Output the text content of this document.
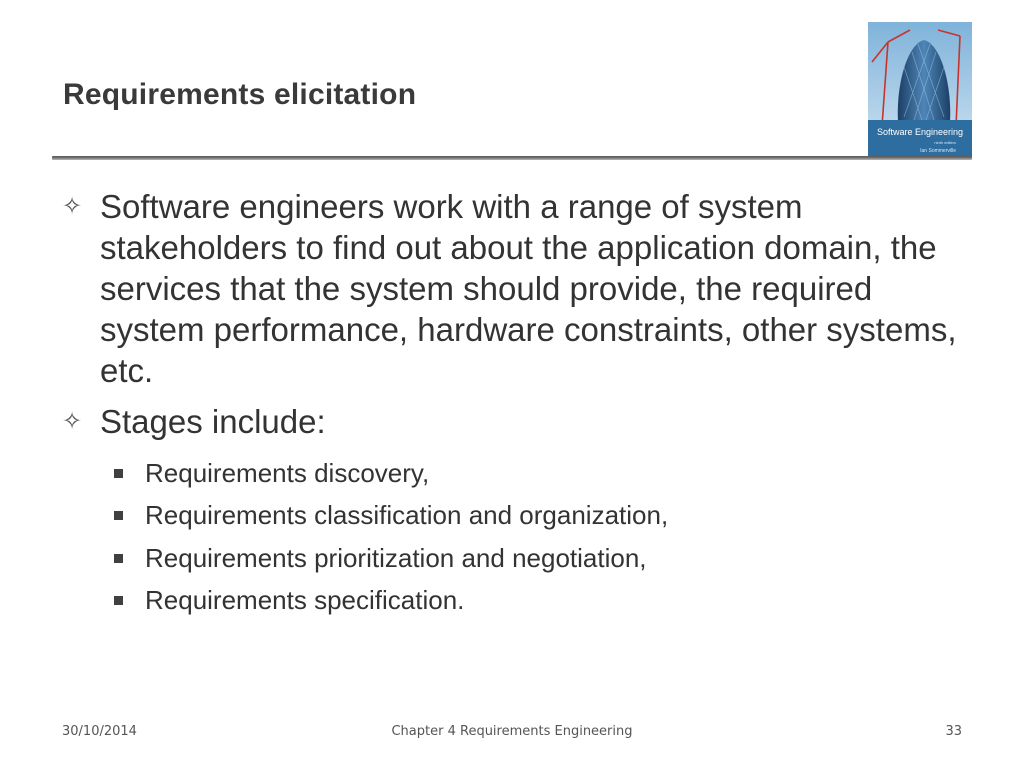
Requirements elicitation
Software Engineering
ninth edition
Ian Sommerville
✧ Software engineers work with a range of system stakeholders to find out about the application domain, the services that the system should provide, the required system performance, hardware constraints, other systems, etc.
✧ Stages include:
Requirements discovery,
Requirements classification and organization,
Requirements prioritization and negotiation,
Requirements specification.
30/10/2014	Chapter 4 Requirements Engineering	33
